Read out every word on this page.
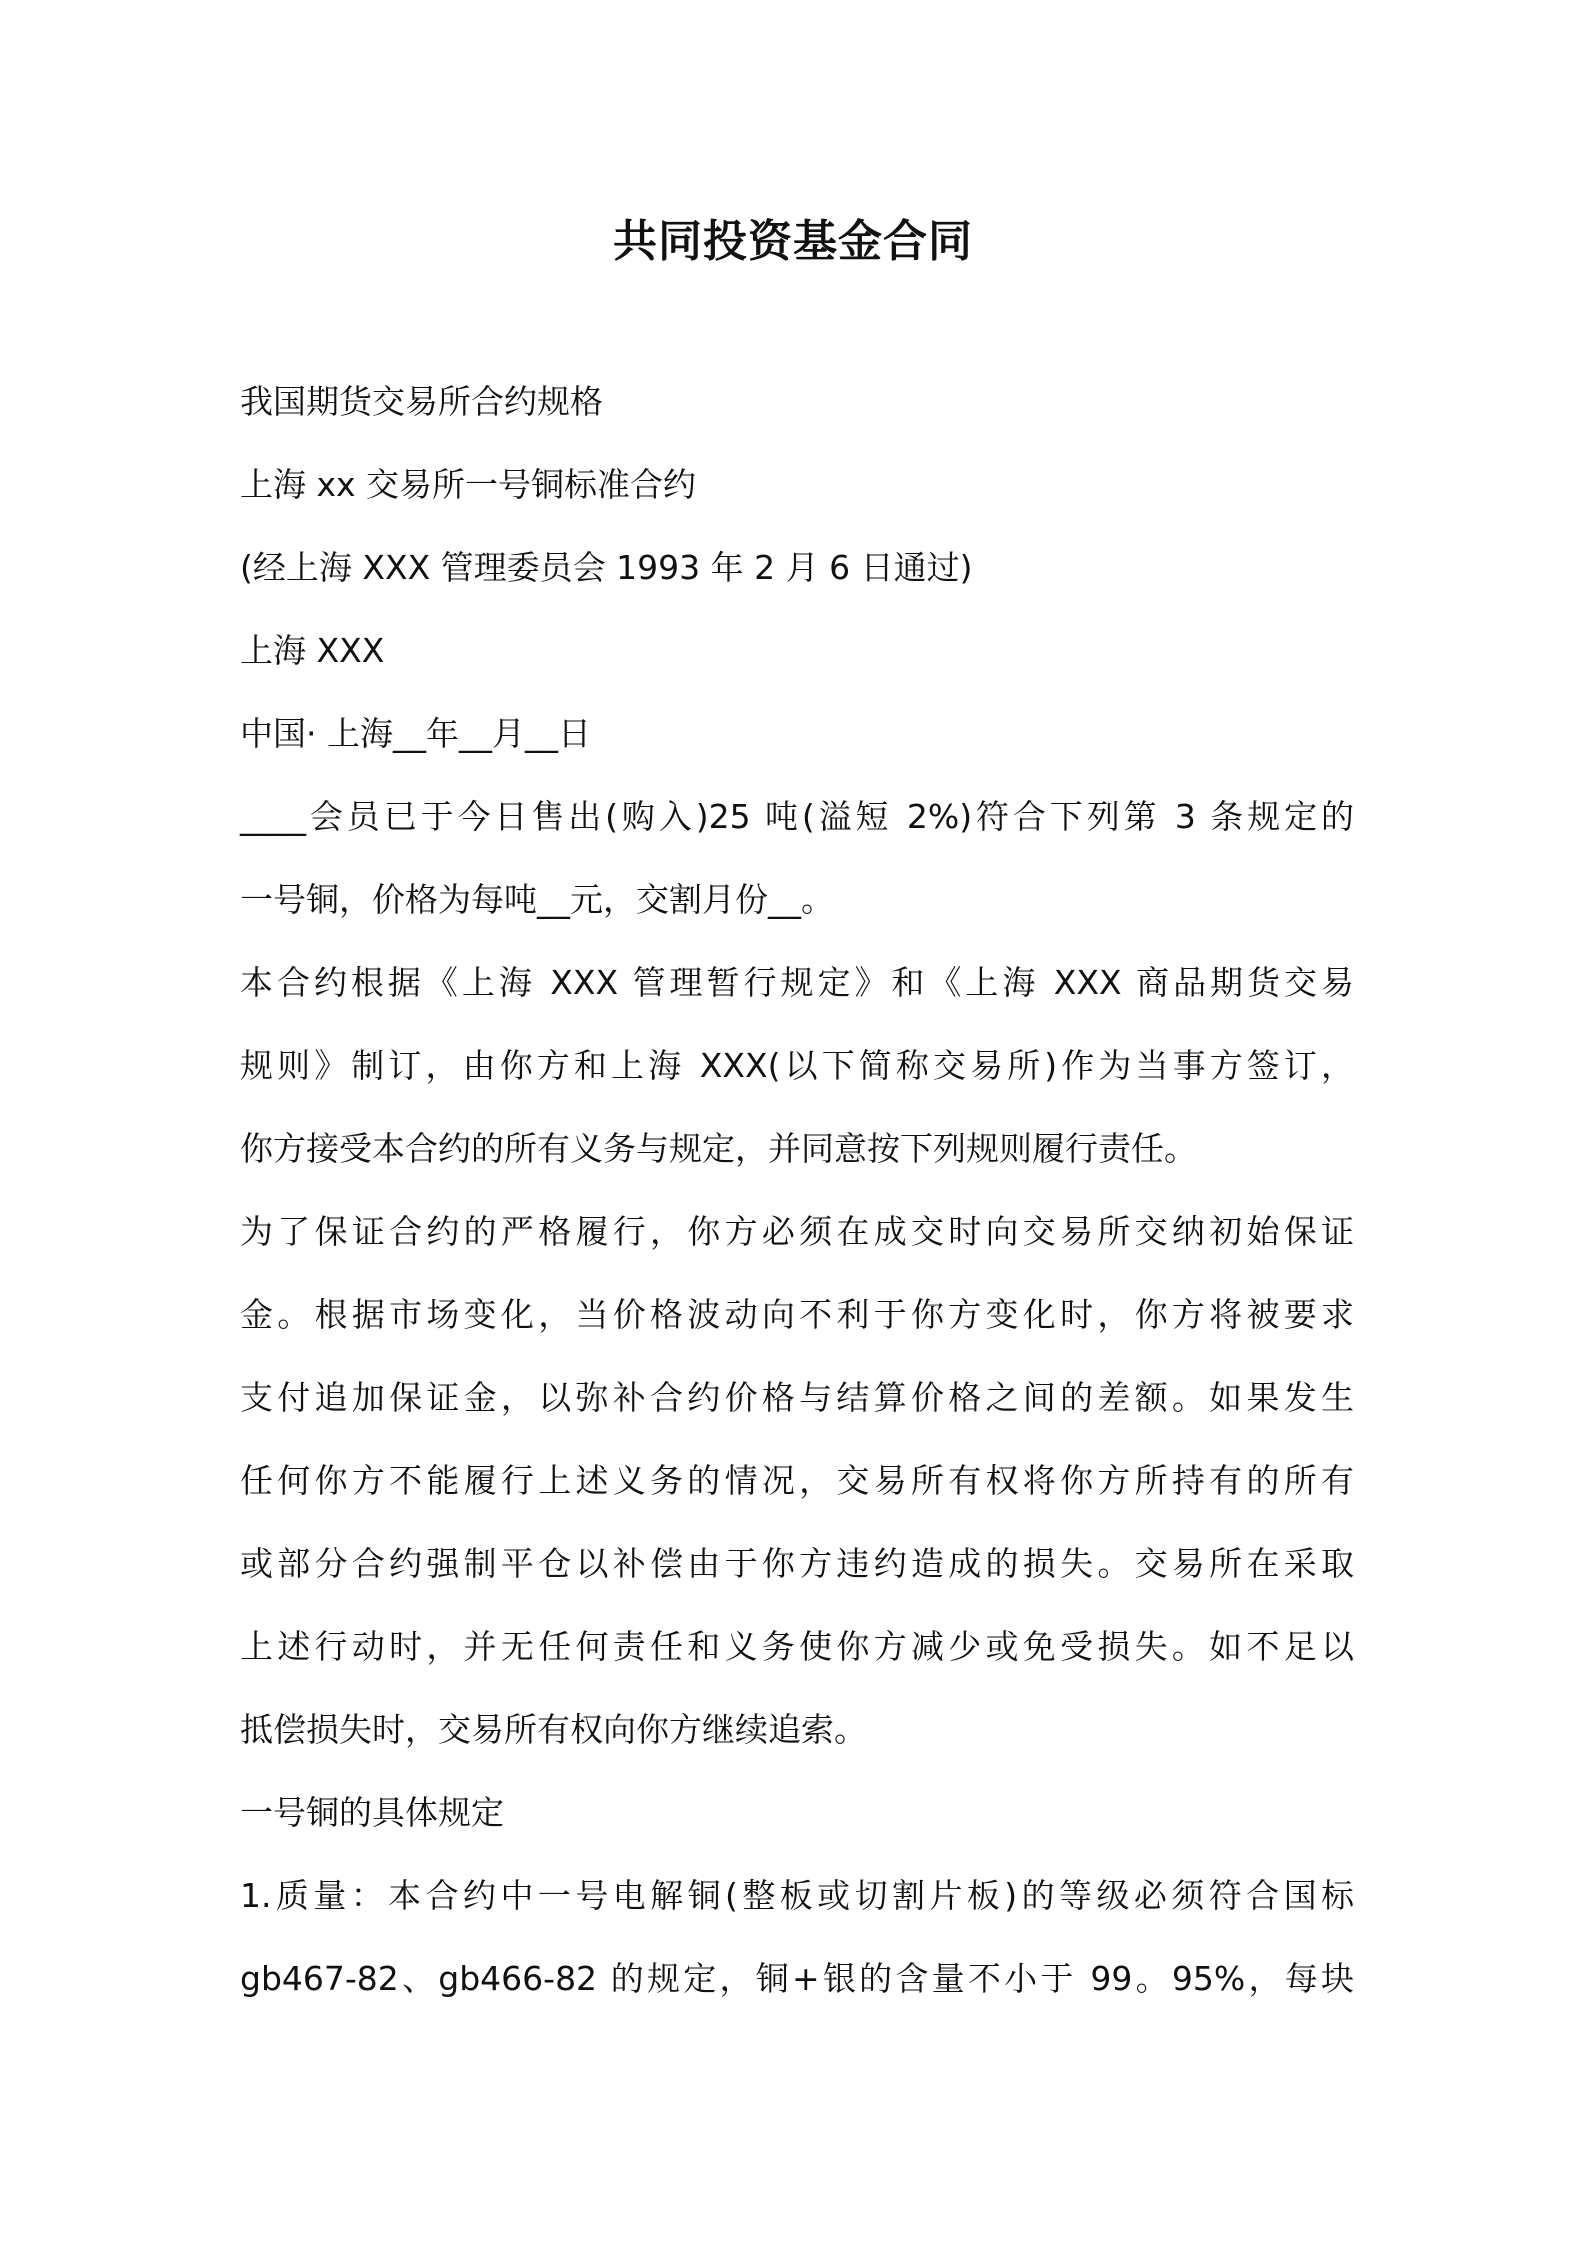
共同投资基金合同
我国期货交易所合约规格
上海 xx 交易所一号铜标准合约
(经上海 XXX 管理委员会 1993 年 2 月 6 日通过)
上海 XXX
中国· 上海__年__月__日
____会员已于今日售出(购入)25 吨(溢短 2%)符合下列第 3 条规定的
一号铜，价格为每吨__元，交割月份__。
本合约根据《上海 XXX 管理暂行规定》和《上海 XXX 商品期货交易
规则》制订，由你方和上海 XXX(以下简称交易所)作为当事方签订，
你方接受本合约的所有义务与规定，并同意按下列规则履行责任。
为了保证合约的严格履行，你方必须在成交时向交易所交纳初始保证
金。根据市场变化，当价格波动向不利于你方变化时，你方将被要求
支付追加保证金，以弥补合约价格与结算价格之间的差额。如果发生
任何你方不能履行上述义务的情况，交易所有权将你方所持有的所有
或部分合约强制平仓以补偿由于你方违约造成的损失。交易所在采取
上述行动时，并无任何责任和义务使你方减少或免受损失。如不足以
抵偿损失时，交易所有权向你方继续追索。
一号铜的具体规定
1.质量：本合约中一号电解铜(整板或切割片板)的等级必须符合国标
gb467-82、gb466-82 的规定，铜+银的含量不小于 99。95%，每块
